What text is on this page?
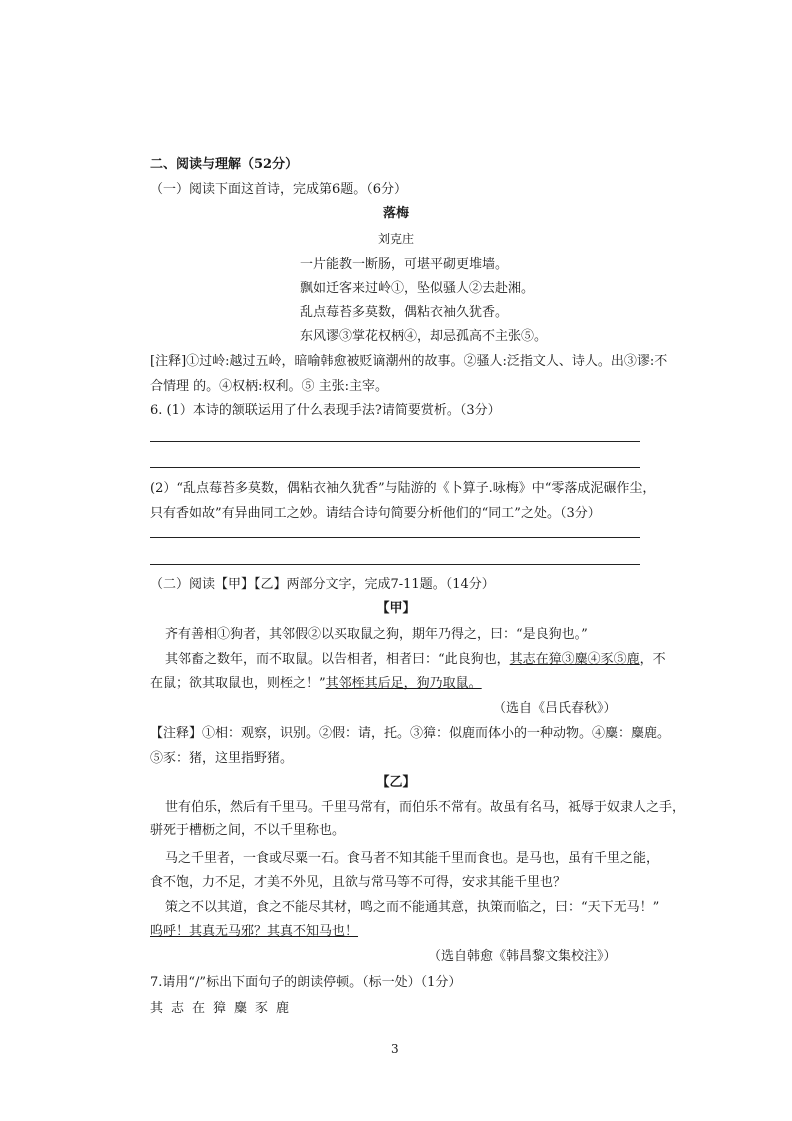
二、阅读与理解（52分）
（一）阅读下面这首诗，完成第6题。（6分）
落梅
刘克庄
一片能教一断肠，可堪平砌更堆墙。
飘如迁客来过岭①，坠似骚人②去赴湘。
乱点莓苔多莫数，偶粘衣袖久犹香。
东风谬③掌花权柄④，却忌孤高不主张⑤。
[注释]①过岭:越过五岭，暗喻韩愈被贬谪潮州的故事。②骚人:泛指文人、诗人。出③谬:不
合情理 的。④权柄:权利。⑤ 主张:主宰。
6. (1）本诗的颔联运用了什么表现手法?请简要赏析。（3分）
(2）“乱点莓苔多莫数，偶粘衣袖久犹香”与陆游的《卜算子.咏梅》中“零落成泥碾作尘，
只有香如故”有异曲同工之妙。请结合诗句简要分析他们的“同工”之处。（3分）
（二）阅读【甲】【乙】两部分文字，完成7-11题。（14分）
【甲】
齐有善相①狗者，其邻假②以买取鼠之狗，期年乃得之，曰：“是良狗也。”
其邻畜之数年，而不取鼠。以告相者，相者曰：“此良狗也，其志在獐③麋④豕⑤鹿，不
在鼠；欲其取鼠也，则桎之！”其邻桎其后足，狗乃取鼠。
（选自《吕氏春秋》）
【注释】①相：观察，识别。②假：请，托。③獐：似鹿而体小的一种动物。④麋：麋鹿。
⑤豕：猪，这里指野猪。
【乙】
世有伯乐，然后有千里马。千里马常有，而伯乐不常有。故虽有名马，祗辱于奴隶人之手，
骈死于槽枥之间，不以千里称也。
马之千里者，一食或尽粟一石。食马者不知其能千里而食也。是马也，虽有千里之能，
食不饱，力不足，才美不外见，且欲与常马等不可得，安求其能千里也？
策之不以其道，食之不能尽其材，鸣之而不能通其意，执策而临之，曰：“天下无马！”
呜呼！其真无马邪？其真不知马也！
（选自韩愈《韩昌黎文集校注》）
7.请用“/”标出下面句子的朗读停顿。（标一处）（1分）
其志在獐麋豕鹿
3
